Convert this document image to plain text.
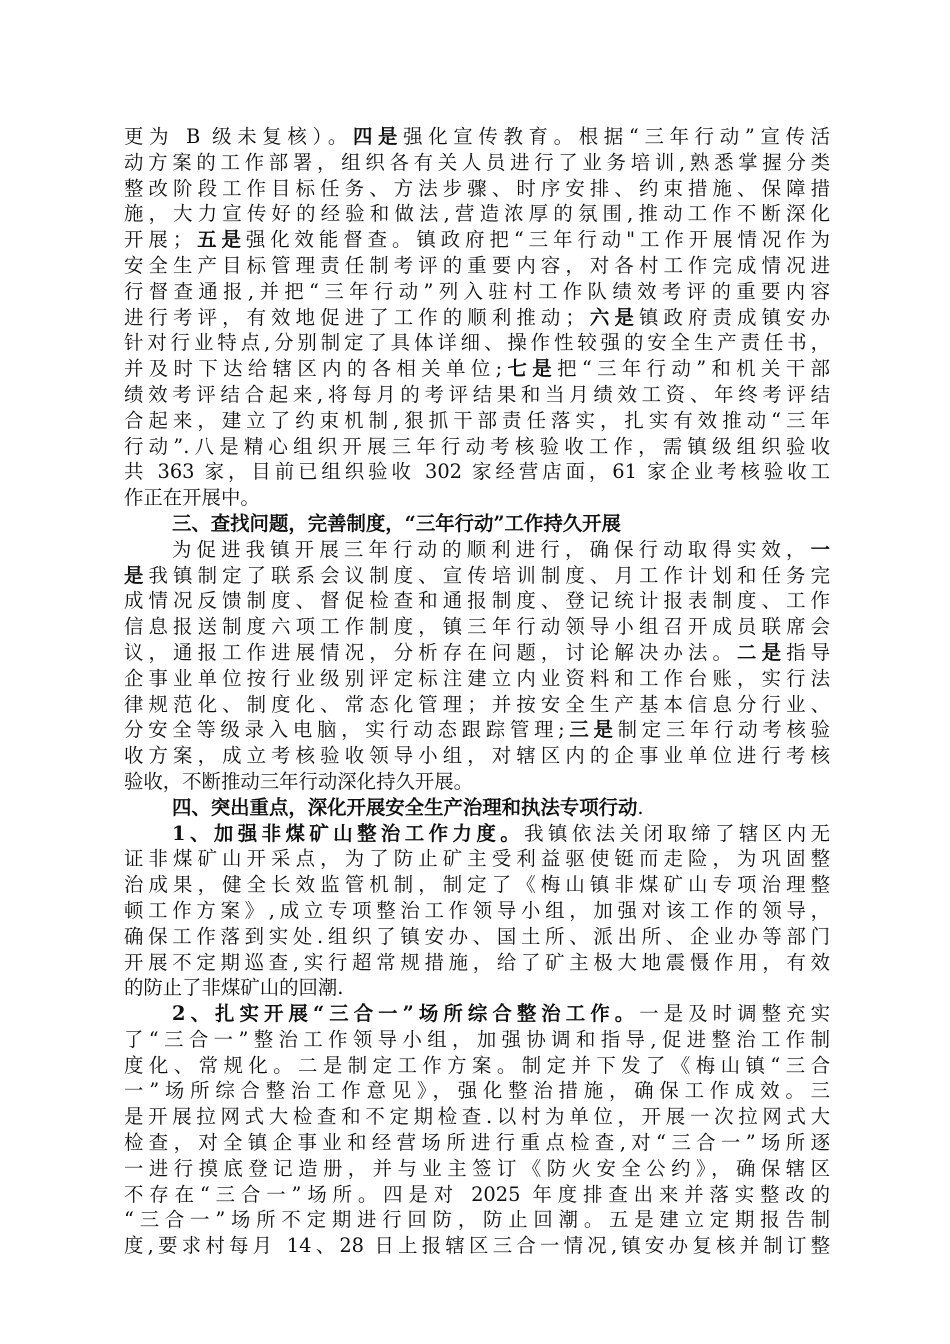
更为 B 级未复核）。四是强化宣传教育。根据“三年行动”宣传活
动方案的工作部署，组织各有关人员进行了业务培训,熟悉掌握分类
整改阶段工作目标任务、方法步骤、时序安排、约束措施、保障措
施，大力宣传好的经验和做法,营造浓厚的氛围,推动工作不断深化
开展；五是强化效能督查。镇政府把“三年行动"工作开展情况作为
安全生产目标管理责任制考评的重要内容，对各村工作完成情况进
行督查通报,并把“三年行动”列入驻村工作队绩效考评的重要内容
进行考评，有效地促进了工作的顺利推动；六是镇政府责成镇安办
针对行业特点,分别制定了具体详细、操作性较强的安全生产责任书，
并及时下达给辖区内的各相关单位;七是把“三年行动”和机关干部
绩效考评结合起来,将每月的考评结果和当月绩效工资、年终考评结
合起来，建立了约束机制,狠抓干部责任落实，扎实有效推动“三年
行动”.八是精心组织开展三年行动考核验收工作，需镇级组织验收
共 363 家，目前已组织验收 302 家经营店面，61 家企业考核验收工
作正在开展中。
三、查找问题，完善制度，“三年行动”工作持久开展
为促进我镇开展三年行动的顺利进行，确保行动取得实效，一
是我镇制定了联系会议制度、宣传培训制度、月工作计划和任务完
成情况反馈制度、督促检查和通报制度、登记统计报表制度、工作
信息报送制度六项工作制度，镇三年行动领导小组召开成员联席会
议，通报工作进展情况，分析存在问题，讨论解决办法。二是指导
企事业单位按行业级别评定标注建立内业资料和工作台账，实行法
律规范化、制度化、常态化管理；并按安全生产基本信息分行业、
分安全等级录入电脑，实行动态跟踪管理;三是制定三年行动考核验
收方案，成立考核验收领导小组，对辖区内的企事业单位进行考核
验收，不断推动三年行动深化持久开展。
四、突出重点，深化开展安全生产治理和执法专项行动.
1、加强非煤矿山整治工作力度。我镇依法关闭取缔了辖区内无
证非煤矿山开采点，为了防止矿主受利益驱使铤而走险，为巩固整
治成果，健全长效监管机制，制定了《梅山镇非煤矿山专项治理整
顿工作方案》,成立专项整治工作领导小组，加强对该工作的领导，
确保工作落到实处.组织了镇安办、国土所、派出所、企业办等部门
开展不定期巡查,实行超常规措施，给了矿主极大地震慑作用，有效
的防止了非煤矿山的回潮.
2、扎实开展“三合一”场所综合整治工作。一是及时调整充实
了“三合一”整治工作领导小组，加强协调和指导,促进整治工作制
度化、常规化。二是制定工作方案。制定并下发了《梅山镇“三合
一”场所综合整治工作意见》，强化整治措施，确保工作成效。三
是开展拉网式大检查和不定期检查.以村为单位，开展一次拉网式大
检查，对全镇企事业和经营场所进行重点检查,对“三合一”场所逐
一进行摸底登记造册，并与业主签订《防火安全公约》，确保辖区
不存在“三合一”场所。四是对 2025 年度排查出来并落实整改的
“三合一”场所不定期进行回防，防止回潮。五是建立定期报告制
度,要求村每月 14、28 日上报辖区三合一情况,镇安办复核并制订整
